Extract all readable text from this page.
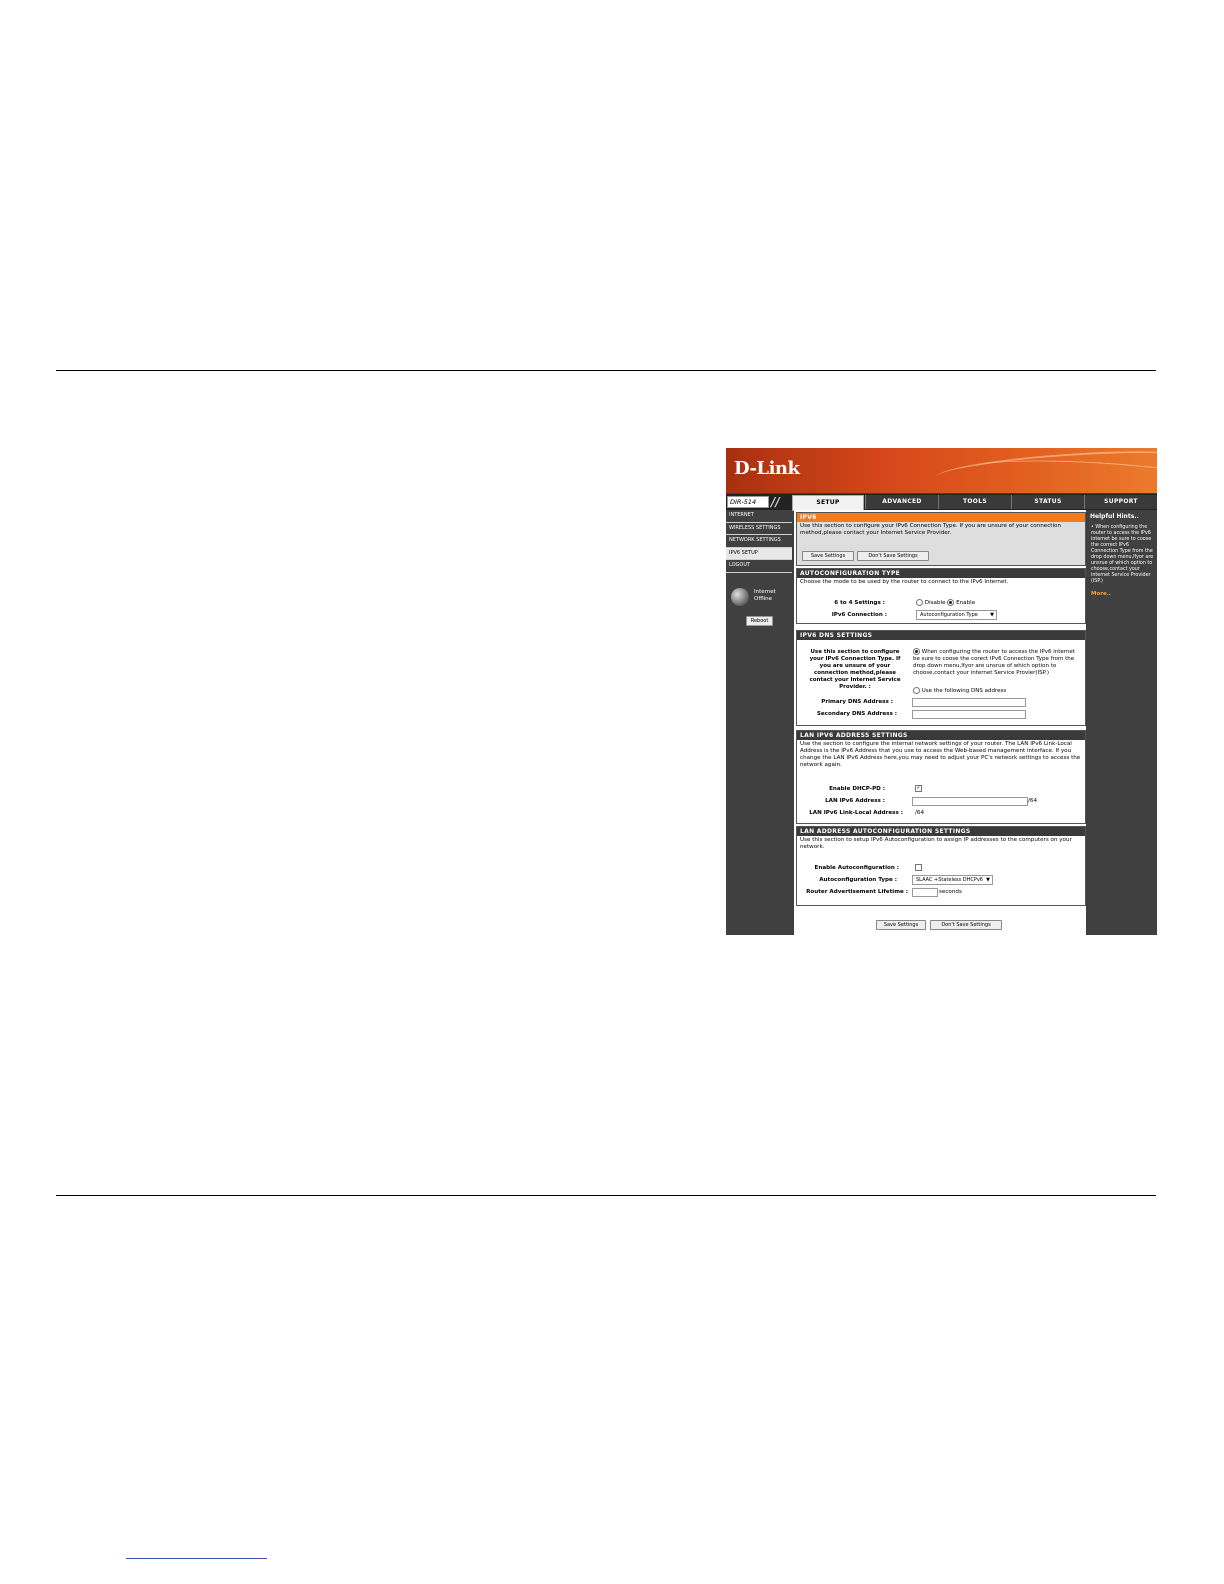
D-Link
DIR-514	//	SETUP	ADVANCED	TOOLS	STATUS	SUPPORT
INTERNET
WIRELESS SETTINGS
NETWORK SETTINGS
IPV6 SETUP
LOGOUT
Internet
Offline
Reboot
IPV6
Use this section to configure your IPv6 Connection Type. If you are unsure of your connection method,please contact your Internet Service Provider.
Save Settings	Don't Save Settings
AUTOCONFIGURATION TYPE
Choose the mode to be used by the router to connect to the IPv6 Internet.
6 to 4 Settings :	Disable Enable
IPv6 Connection :	Autoconfiguration Type ▼
IPV6 DNS SETTINGS
Use this section to configure your IPv6 Connection Type. If you are unsure of your connection method,please contact your Internet Service Provider. :
When configuring the router to access the IPv6 internet be sure to coose the corect IPv6 Connection Type from the drop down menu,Ifyor are unsrue of which option to choose,contact your internet Service Provier(ISP.)
Use the following DNS address
Primary DNS Address :
Secondary DNS Address :
LAN IPV6 ADDRESS SETTINGS
Use the section to configure the internal network settings of your router. The LAN IPv6 Link-Local Address is the IPv6 Address that you use to access the Web-based management interface. If you change the LAN IPv6 Address here,you may need to adjust your PC's network settings to access the network again.
Enable DHCP-PD :	✓
LAN IPv6 Address :	/64
LAN IPv6 Link-Local Address : /64
LAN ADDRESS AUTOCONFIGURATION SETTINGS
Use this section to setup IPv6 Autoconfiguration to assign IP addresses to the computers on your network.
Enable Autoconfiguration :
Autoconfiguration Type :	SLAAC +Stateless DHCPv6 ▼
Router Advertisement Lifetime :	seconds
Save Settings	Don't Save Settings
Helpful Hints..
• When configuring the router to access the IPv6 internet be sure to coose the correct IPv6 Connection Type from the drop down menu,Ifyor are unsrue of which option to choose,contact your internet Service Provider (ISP.)
More..
